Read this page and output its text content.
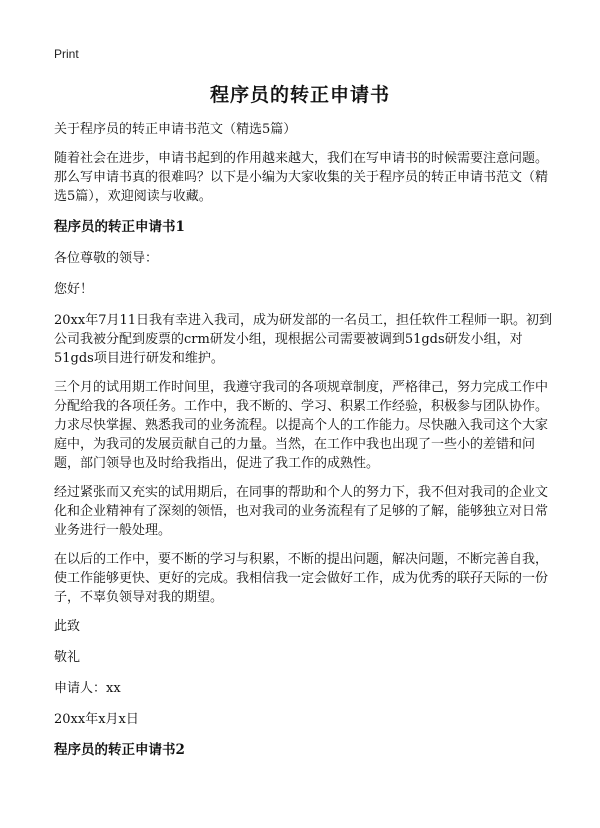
Print
程序员的转正申请书

关于程序员的转正申请书范文（精选5篇）

随着社会在进步，申请书起到的作用越来越大，我们在写申请书的时候需要注意问题。那么写申请书真的很难吗？以下是小编为大家收集的关于程序员的转正申请书范文（精选5篇），欢迎阅读与收藏。

程序员的转正申请书1

各位尊敬的领导：

您好！

20xx年7月11日我有幸进入我司，成为研发部的一名员工，担任软件工程师一职。初到公司我被分配到废票的crm研发小组，现根据公司需要被调到51gds研发小组，对51gds项目进行研发和维护。

三个月的试用期工作时间里，我遵守我司的各项规章制度，严格律己，努力完成工作中分配给我的各项任务。工作中，我不断的、学习、积累工作经验，积极参与团队协作。力求尽快掌握、熟悉我司的业务流程。以提高个人的工作能力。尽快融入我司这个大家庭中，为我司的发展贡献自己的力量。当然，在工作中我也出现了一些小的差错和问题，部门领导也及时给我指出，促进了我工作的成熟性。

经过紧张而又充实的试用期后，在同事的帮助和个人的努力下，我不但对我司的企业文化和企业精神有了深刻的领悟，也对我司的业务流程有了足够的了解，能够独立对日常业务进行一般处理。

在以后的工作中，要不断的学习与积累，不断的提出问题，解决问题，不断完善自我，使工作能够更快、更好的完成。我相信我一定会做好工作，成为优秀的联孖天际的一份子，不辜负领导对我的期望。

此致

敬礼

申请人：xx

20xx年x月x日

程序员的转正申请书2
